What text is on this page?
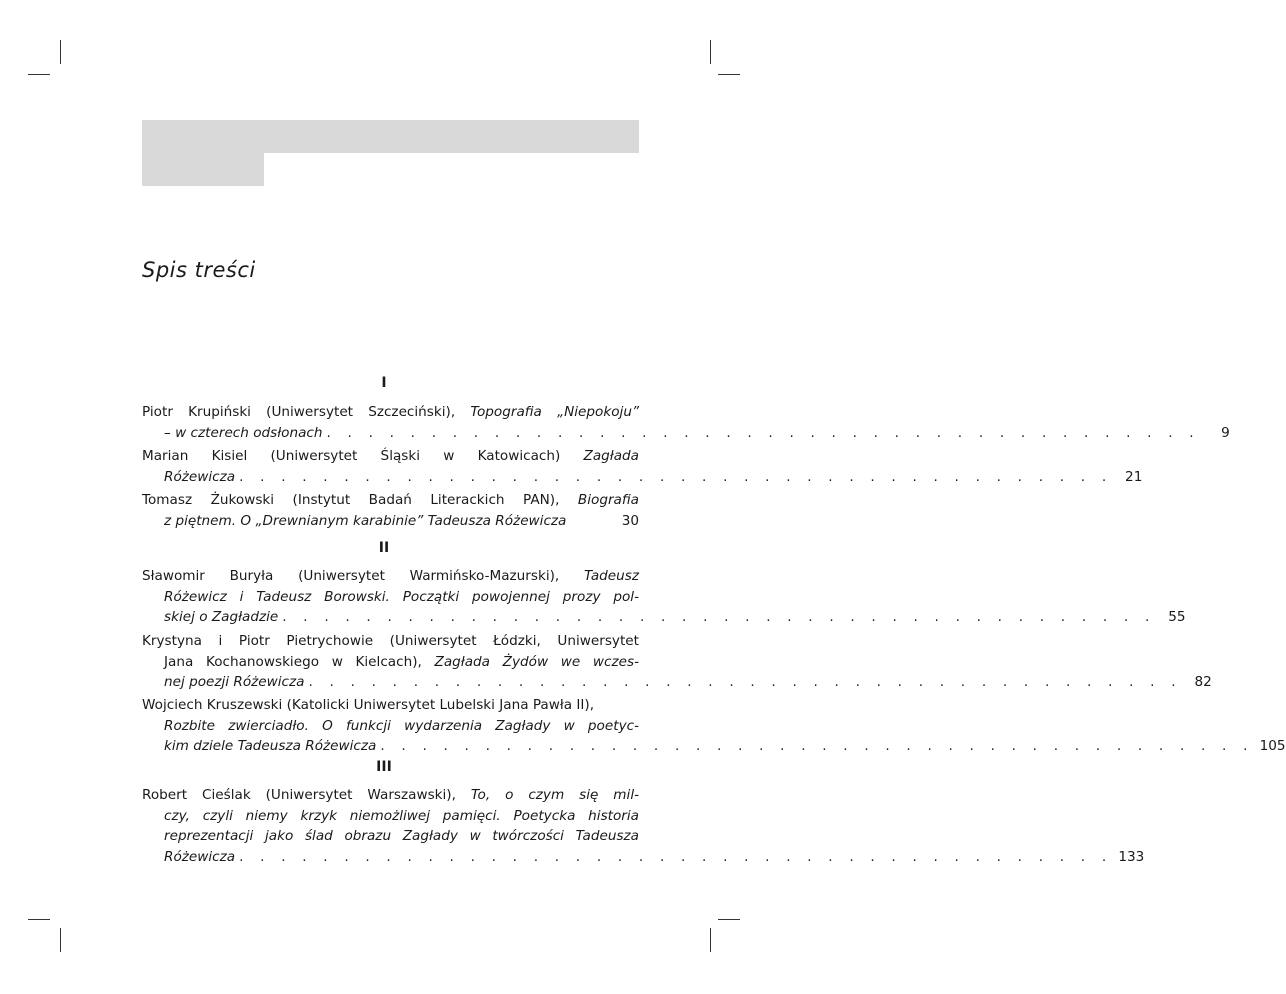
Spis treści
I
Piotr Krupiński (Uniwersytet Szczeciński), Topografia „Niepokoju”
– w czterech odsłonach . . . . . . . . . . . . . . . . . . . . . . . . . . . . . . . . . . . . . . . . . .	9
Marian Kisiel (Uniwersytet Śląski w Katowicach) Zagłada
Różewicza . . . . . . . . . . . . . . . . . . . . . . . . . . . . . . . . . . . . . . . . . . 21
Tomasz Żukowski (Instytut Badań Literackich PAN), Biografia
z piętnem. O „Drewnianym karabinie” Tadeusza Różewicza	30
II
Sławomir Buryła (Uniwersytet Warmińsko-Mazurski), Tadeusz
Różewicz i Tadeusz Borowski. Początki powojennej prozy pol-
skiej o Zagładzie . . . . . . . . . . . . . . . . . . . . . . . . . . . . . . . . . . . . . . . . . . 55
Krystyna i Piotr Pietrychowie (Uniwersytet Łódzki, Uniwersytet
Jana Kochanowskiego w Kielcach), Zagłada Żydów we wczes-
nej poezji Różewicza . . . . . . . . . . . . . . . . . . . . . . . . . . . . . . . . . . . . . . . . . . 82
Wojciech Kruszewski (Katolicki Uniwersytet Lubelski Jana Pawła II),
Rozbite zwierciadło. O funkcji wydarzenia Zagłady w poetyc-
kim dziele Tadeusza Różewicza . . . . . . . . . . . . . . . . . . . . . . . . . . . . . . . . . . . . . . . . . . 105
III
Robert Cieślak (Uniwersytet Warszawski), To, o czym się mil-
czy, czyli niemy krzyk niemożliwej pamięci. Poetycka historia
reprezentacji jako ślad obrazu Zagłady w twórczości Tadeusza
Różewicza . . . . . . . . . . . . . . . . . . . . . . . . . . . . . . . . . . . . . . . . . . 133
